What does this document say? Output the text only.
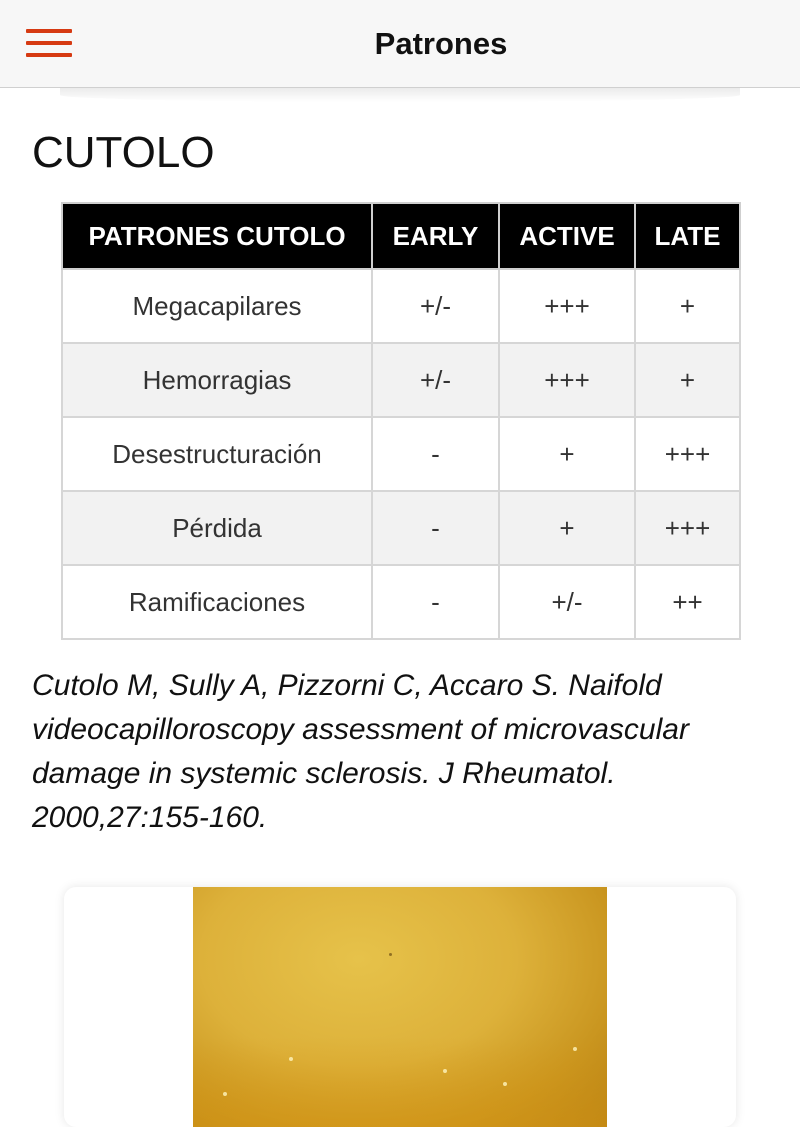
Patrones
CUTOLO
PATRONES CUTOLO	EARLY	ACTIVE	LATE
Megacapilares	+/-	+++	+
Hemorragias	+/-	+++	+
Desestructuración	-	+	+++
Pérdida	-	+	+++
Ramificaciones	-	+/-	++

Cutolo M, Sully A, Pizzorni C, Accaro S. Naifold videocapilloroscopy assessment of microvascular damage in systemic sclerosis. J Rheumatol. 2000,27:155-160.
